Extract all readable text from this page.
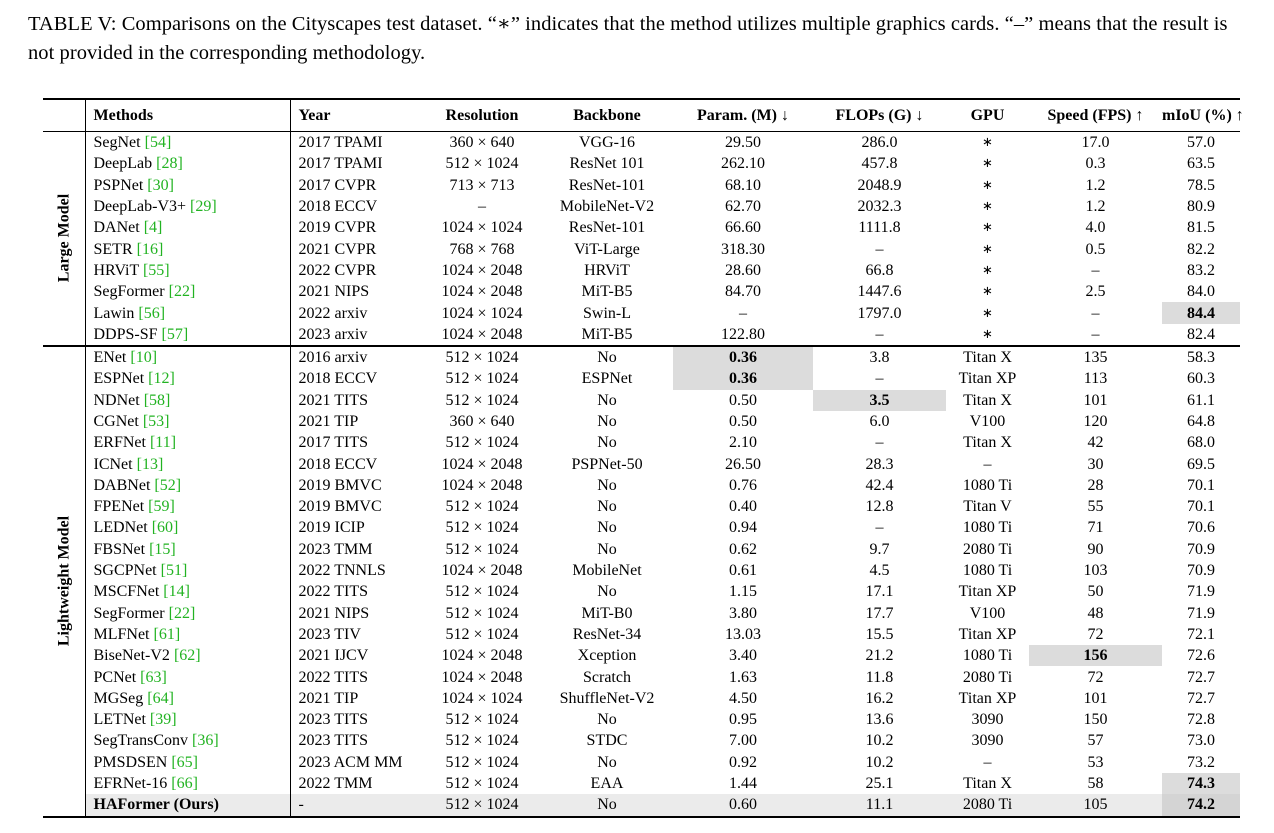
TABLE V: Comparisons on the Cityscapes test dataset. “∗” indicates that the method utilizes multiple graphics cards. “–” means that the result is not provided in the corresponding methodology.
	Methods	Year	Resolution	Backbone	Param. (M) ↓	FLOPs (G) ↓	GPU	Speed (FPS) ↑	mIoU (%) ↑

Large Model	SegNet [54]	2017 TPAMI	360 × 640	VGG-16	29.50	286.0	∗	17.0	57.0
	DeepLab [28]	2017 TPAMI	512 × 1024	ResNet 101	262.10	457.8	∗	0.3	63.5
	PSPNet [30]	2017 CVPR	713 × 713	ResNet-101	68.10	2048.9	∗	1.2	78.5
	DeepLab-V3+ [29]	2018 ECCV	–	MobileNet-V2	62.70	2032.3	∗	1.2	80.9
	DANet [4]	2019 CVPR	1024 × 1024	ResNet-101	66.60	1111.8	∗	4.0	81.5
	SETR [16]	2021 CVPR	768 × 768	ViT-Large	318.30	–	∗	0.5	82.2
	HRViT [55]	2022 CVPR	1024 × 2048	HRViT	28.60	66.8	∗	–	83.2
	SegFormer [22]	2021 NIPS	1024 × 2048	MiT-B5	84.70	1447.6	∗	2.5	84.0
	Lawin [56]	2022 arxiv	1024 × 1024	Swin-L	–	1797.0	∗	–	84.4
	DDPS-SF [57]	2023 arxiv	1024 × 2048	MiT-B5	122.80	–	∗	–	82.4

Lightweight Model	ENet [10]	2016 arxiv	512 × 1024	No	0.36	3.8	Titan X	135	58.3
	ESPNet [12]	2018 ECCV	512 × 1024	ESPNet	0.36	–	Titan XP	113	60.3
	NDNet [58]	2021 TITS	512 × 1024	No	0.50	3.5	Titan X	101	61.1
	CGNet [53]	2021 TIP	360 × 640	No	0.50	6.0	V100	120	64.8
	ERFNet [11]	2017 TITS	512 × 1024	No	2.10	–	Titan X	42	68.0
	ICNet [13]	2018 ECCV	1024 × 2048	PSPNet-50	26.50	28.3	–	30	69.5
	DABNet [52]	2019 BMVC	1024 × 2048	No	0.76	42.4	1080 Ti	28	70.1
	FPENet [59]	2019 BMVC	512 × 1024	No	0.40	12.8	Titan V	55	70.1
	LEDNet [60]	2019 ICIP	512 × 1024	No	0.94	–	1080 Ti	71	70.6
	FBSNet [15]	2023 TMM	512 × 1024	No	0.62	9.7	2080 Ti	90	70.9
	SGCPNet [51]	2022 TNNLS	1024 × 2048	MobileNet	0.61	4.5	1080 Ti	103	70.9
	MSCFNet [14]	2022 TITS	512 × 1024	No	1.15	17.1	Titan XP	50	71.9
	SegFormer [22]	2021 NIPS	512 × 1024	MiT-B0	3.80	17.7	V100	48	71.9
	MLFNet [61]	2023 TIV	512 × 1024	ResNet-34	13.03	15.5	Titan XP	72	72.1
	BiseNet-V2 [62]	2021 IJCV	1024 × 2048	Xception	3.40	21.2	1080 Ti	156	72.6
	PCNet [63]	2022 TITS	1024 × 2048	Scratch	1.63	11.8	2080 Ti	72	72.7
	MGSeg [64]	2021 TIP	1024 × 1024	ShuffleNet-V2	4.50	16.2	Titan XP	101	72.7
	LETNet [39]	2023 TITS	512 × 1024	No	0.95	13.6	3090	150	72.8
	SegTransConv [36]	2023 TITS	512 × 1024	STDC	7.00	10.2	3090	57	73.0
	PMSDSEN [65]	2023 ACM MM	512 × 1024	No	0.92	10.2	–	53	73.2
	EFRNet-16 [66]	2022 TMM	512 × 1024	EAA	1.44	25.1	Titan X	58	74.3
	HAFormer (Ours)	-	512 × 1024	No	0.60	11.1	2080 Ti	105	74.2
